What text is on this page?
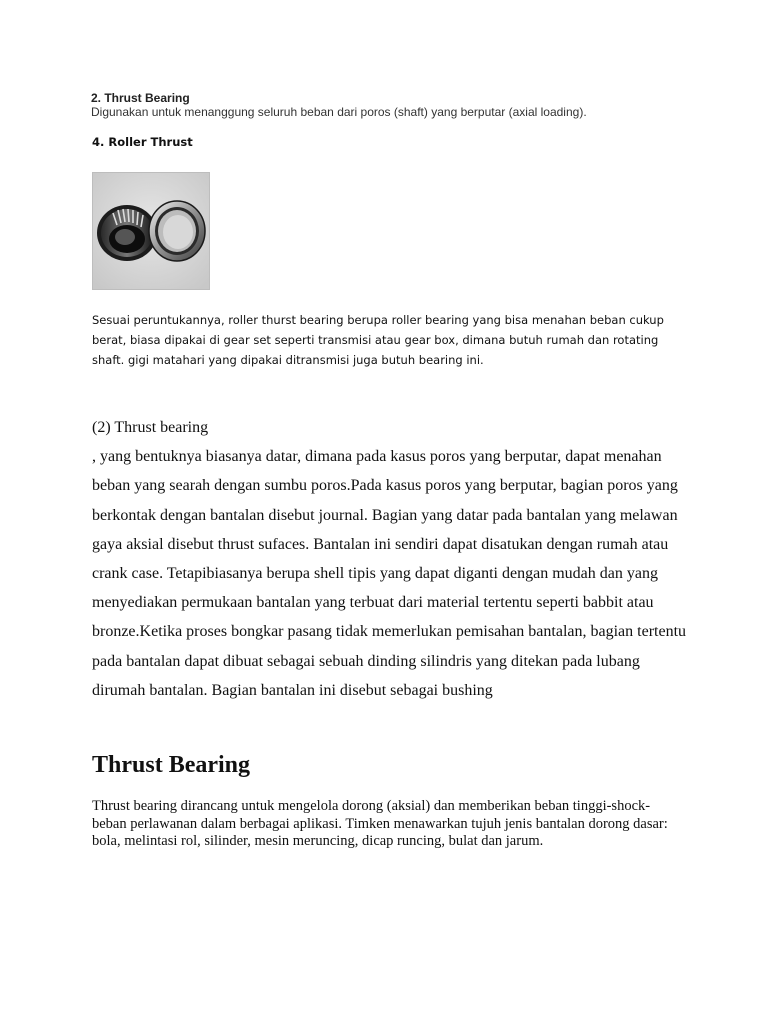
2. Thrust Bearing
Digunakan untuk menanggung seluruh beban dari poros (shaft) yang berputar (axial loading).
4. Roller Thrust
Sesuai peruntukannya, roller thurst bearing berupa roller bearing yang bisa menahan beban cukup berat, biasa dipakai di gear set seperti transmisi atau gear box, dimana butuh rumah dan rotating shaft. gigi matahari yang dipakai ditransmisi juga butuh bearing ini.

(2) Thrust bearing

, yang bentuknya biasanya datar, dimana pada kasus poros yang berputar, dapat menahan beban yang searah dengan sumbu poros.Pada kasus poros yang berputar, bagian poros yang berkontak dengan bantalan disebut journal. Bagian yang datar pada bantalan yang melawan gaya aksial disebut thrust sufaces. Bantalan ini sendiri dapat disatukan dengan rumah atau crank case. Tetapibiasanya berupa shell tipis yang dapat diganti dengan mudah dan yang menyediakan permukaan bantalan yang terbuat dari material tertentu seperti babbit atau bronze.Ketika proses bongkar pasang tidak memerlukan pemisahan bantalan, bagian tertentu pada bantalan dapat dibuat sebagai sebuah dinding silindris yang ditekan pada lubang dirumah bantalan. Bagian bantalan ini disebut sebagai bushing

Thrust Bearing
Thrust bearing dirancang untuk mengelola dorong (aksial) dan memberikan beban tinggi-shock-beban perlawanan dalam berbagai aplikasi. Timken menawarkan tujuh jenis bantalan dorong dasar: bola, melintasi rol, silinder, mesin meruncing, dicap runcing, bulat dan jarum.
